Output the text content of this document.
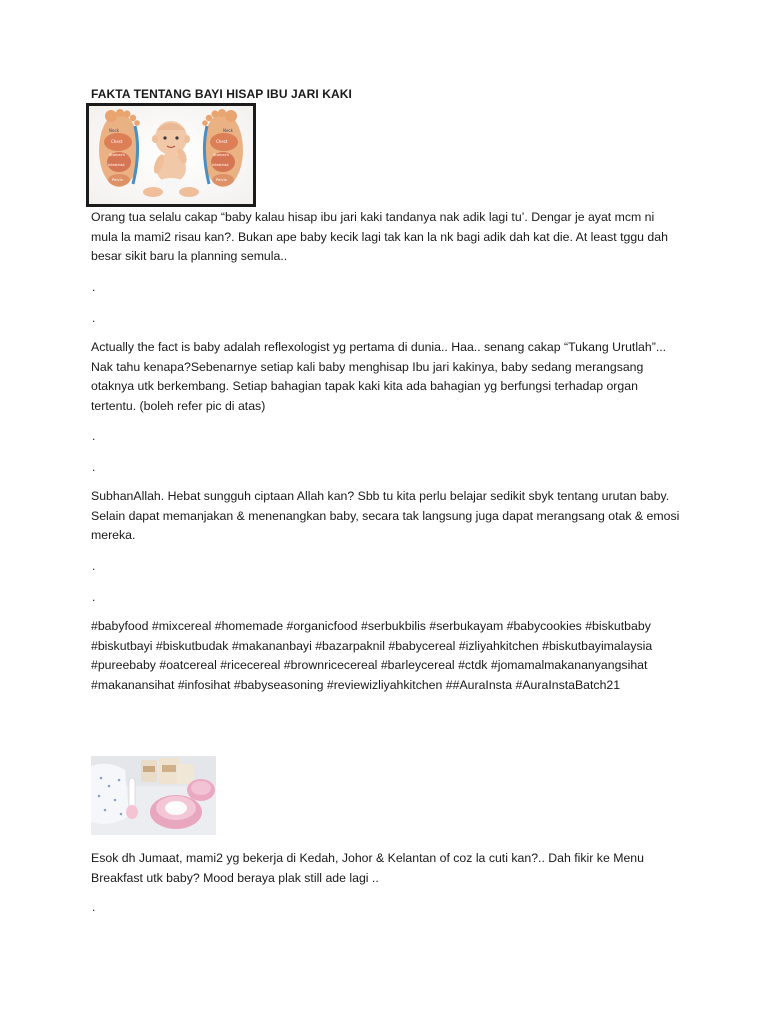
FAKTA TENTANG BAYI HISAP IBU JARI KAKI
Neck
Chest
Stomach
Intestines
Pelvis
Neck
Chest
Stomach
Intestines
Pelvis
Orang tua selalu cakap “baby kalau hisap ibu jari kaki tandanya nak adik lagi tu’. Dengar je ayat mcm ni mula la mami2 risau kan?. Bukan ape baby kecik lagi tak kan la nk bagi adik dah kat die. At least tggu dah besar sikit baru la planning semula..
.
.
Actually the fact is baby adalah reflexologist yg pertama di dunia.. Haa.. senang cakap “Tukang Urutlah”... Nak tahu kenapa?Sebenarnye setiap kali baby menghisap Ibu jari kakinya, baby sedang merangsang otaknya utk berkembang. Setiap bahagian tapak kaki kita ada bahagian yg berfungsi terhadap organ tertentu. (boleh refer pic di atas)
.
.
SubhanAllah. Hebat sungguh ciptaan Allah kan? Sbb tu kita perlu belajar sedikit sbyk tentang urutan baby. Selain dapat memanjakan & menenangkan baby, secara tak langsung juga dapat merangsang otak & emosi mereka.
.
.
#babyfood #mixcereal #homemade #organicfood #serbukbilis #serbukayam #babycookies #biskutbaby #biskutbayi #biskutbudak #makananbayi #bazarpaknil #babycereal #izliyahkitchen #biskutbayimalaysia #pureebaby #oatcereal #ricecereal #brownricecereal #barleycereal #ctdk #jomamalmakananyangsihat #makanansihat #infosihat #babyseasoning #reviewizliyahkitchen ##AuraInsta #AuraInstaBatch21
Esok dh Jumaat, mami2 yg bekerja di Kedah, Johor & Kelantan of coz la cuti kan?.. Dah fikir ke Menu Breakfast utk baby? Mood beraya plak still ade lagi ..
.
